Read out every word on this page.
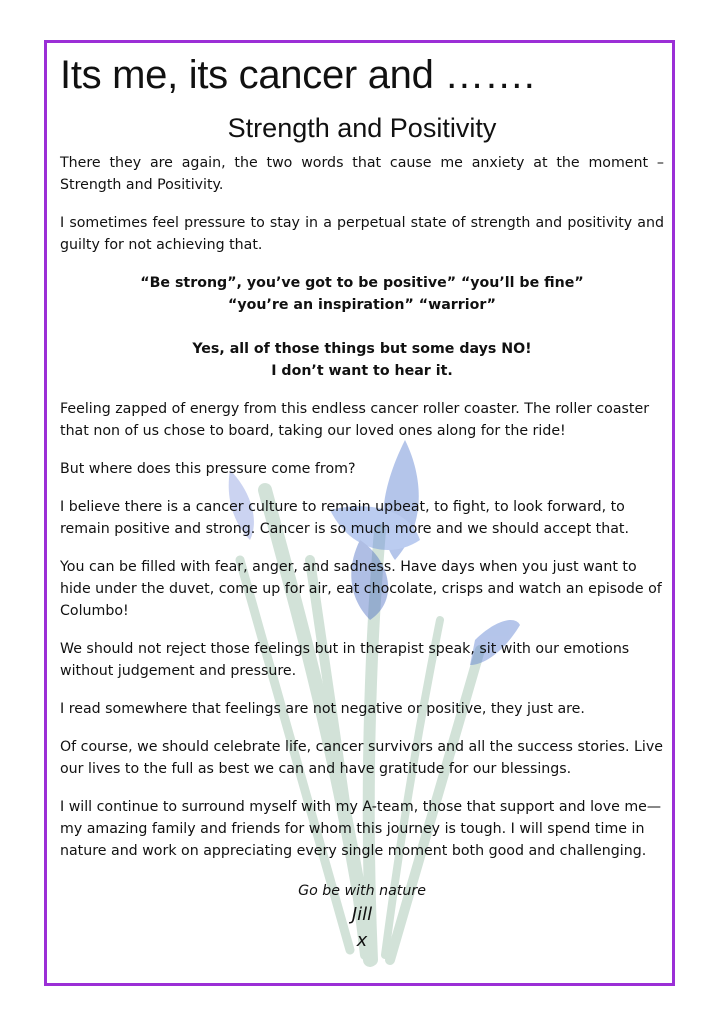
Its me, its cancer and …….
Strength and Positivity

There they are again, the two words that cause me anxiety at the moment – Strength and Positivity.

I sometimes feel pressure to stay in a perpetual state of strength and positivity and guilty for not achieving that.

“Be strong”, you’ve got to be positive” “you’ll be fine”

“you’re an inspiration” “warrior”

Yes, all of those things but some days NO!

I don’t want to hear it.

Feeling zapped of energy from this endless cancer roller coaster. The roller coaster that non of us chose to board, taking our loved ones along for the ride!

But where does this pressure come from?

I believe there is a cancer culture to remain upbeat, to fight, to look forward, to remain positive and strong. Cancer is so much more and we should accept that.

You can be filled with fear, anger, and sadness. Have days when you just want to hide under the duvet, come up for air, eat chocolate, crisps and watch an episode of Columbo!

We should not reject those feelings but in therapist speak, sit with our emotions without judgement and pressure.

I read somewhere that feelings are not negative or positive, they just are.

Of course, we should celebrate life, cancer survivors and all the success stories. Live our lives to the full as best we can and have gratitude for our blessings.

I will continue to surround myself with my A-team, those that support and love me—my amazing family and friends for whom this journey is tough. I will spend time in nature and work on appreciating every single moment both good and challenging.

Go be with nature

Jill

x
